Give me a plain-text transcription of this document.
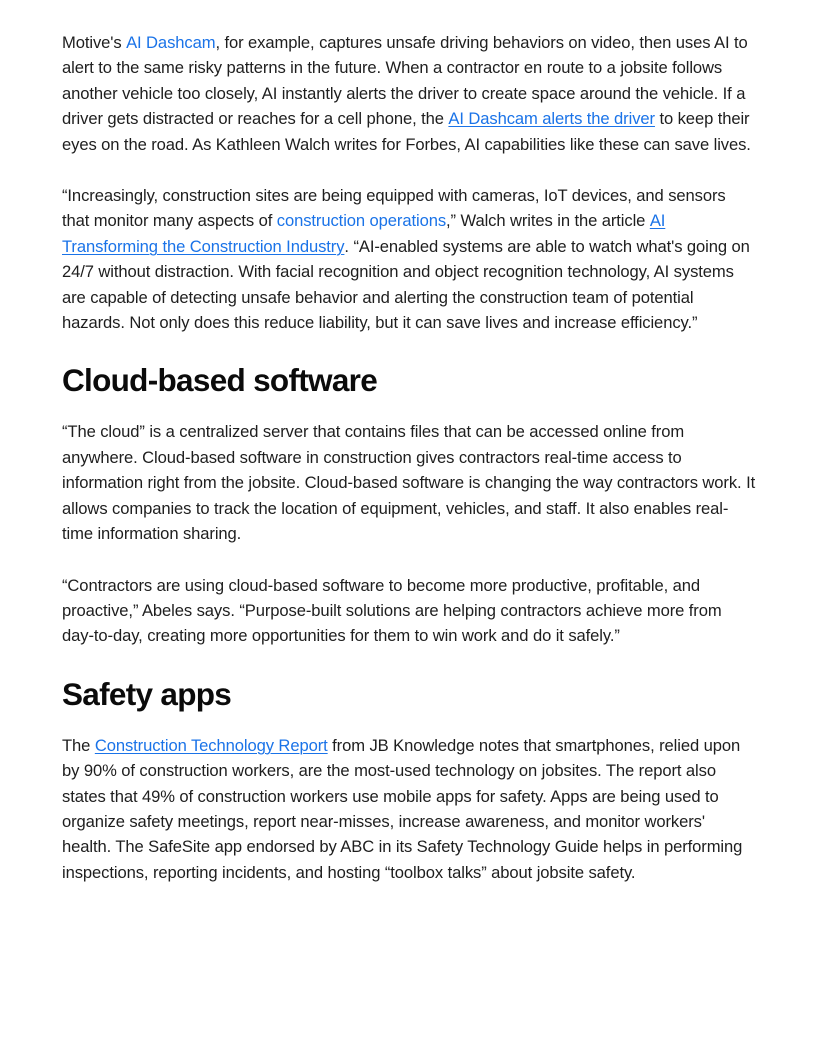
Motive's AI Dashcam, for example, captures unsafe driving behaviors on video, then uses AI to alert to the same risky patterns in the future. When a contractor en route to a jobsite follows another vehicle too closely, AI instantly alerts the driver to create space around the vehicle. If a driver gets distracted or reaches for a cell phone, the AI Dashcam alerts the driver to keep their eyes on the road. As Kathleen Walch writes for Forbes, AI capabilities like these can save lives.

“Increasingly, construction sites are being equipped with cameras, IoT devices, and sensors that monitor many aspects of construction operations,” Walch writes in the article AI Transforming the Construction Industry. “AI-enabled systems are able to watch what's going on 24/7 without distraction. With facial recognition and object recognition technology, AI systems are capable of detecting unsafe behavior and alerting the construction team of potential hazards. Not only does this reduce liability, but it can save lives and increase efficiency.”

Cloud-based software

“The cloud” is a centralized server that contains files that can be accessed online from anywhere. Cloud-based software in construction gives contractors real-time access to information right from the jobsite. Cloud-based software is changing the way contractors work. It allows companies to track the location of equipment, vehicles, and staff. It also enables real-time information sharing.

“Contractors are using cloud-based software to become more productive, profitable, and proactive,” Abeles says. “Purpose-built solutions are helping contractors achieve more from day-to-day, creating more opportunities for them to win work and do it safely.”

Safety apps

The Construction Technology Report from JB Knowledge notes that smartphones, relied upon by 90% of construction workers, are the most-used technology on jobsites. The report also states that 49% of construction workers use mobile apps for safety. Apps are being used to organize safety meetings, report near-misses, increase awareness, and monitor workers' health. The SafeSite app endorsed by ABC in its Safety Technology Guide helps in performing inspections, reporting incidents, and hosting “toolbox talks” about jobsite safety.
